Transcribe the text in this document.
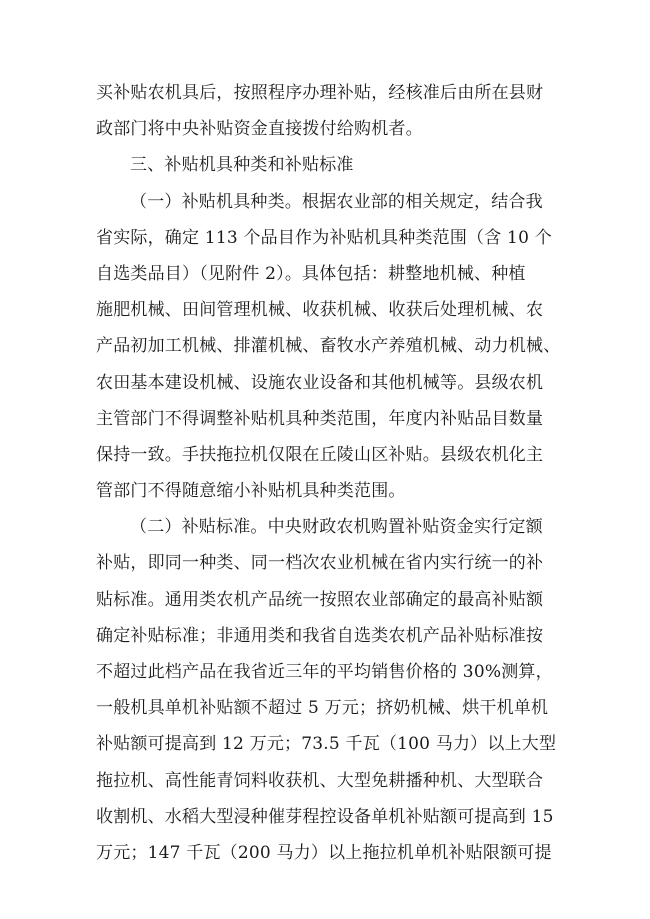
买补贴农机具后，按照程序办理补贴，经核准后由所在县财
政部门将中央补贴资金直接拨付给购机者。
三、补贴机具种类和补贴标准
（一）补贴机具种类。根据农业部的相关规定，结合我
省实际，确定 113 个品目作为补贴机具种类范围（含 10 个
自选类品目）（见附件 2）。具体包括：耕整地机械、种植
施肥机械、田间管理机械、收获机械、收获后处理机械、农
产品初加工机械、排灌机械、畜牧水产养殖机械、动力机械、
农田基本建设机械、设施农业设备和其他机械等。县级农机
主管部门不得调整补贴机具种类范围，年度内补贴品目数量
保持一致。手扶拖拉机仅限在丘陵山区补贴。县级农机化主
管部门不得随意缩小补贴机具种类范围。
（二）补贴标准。中央财政农机购置补贴资金实行定额
补贴，即同一种类、同一档次农业机械在省内实行统一的补
贴标准。通用类农机产品统一按照农业部确定的最高补贴额
确定补贴标准；非通用类和我省自选类农机产品补贴标准按
不超过此档产品在我省近三年的平均销售价格的 30%测算，
一般机具单机补贴额不超过 5 万元；挤奶机械、烘干机单机
补贴额可提高到 12 万元；73.5 千瓦（100 马力）以上大型
拖拉机、高性能青饲料收获机、大型免耕播种机、大型联合
收割机、水稻大型浸种催芽程控设备单机补贴额可提高到 15
万元；147 千瓦（200 马力）以上拖拉机单机补贴限额可提
